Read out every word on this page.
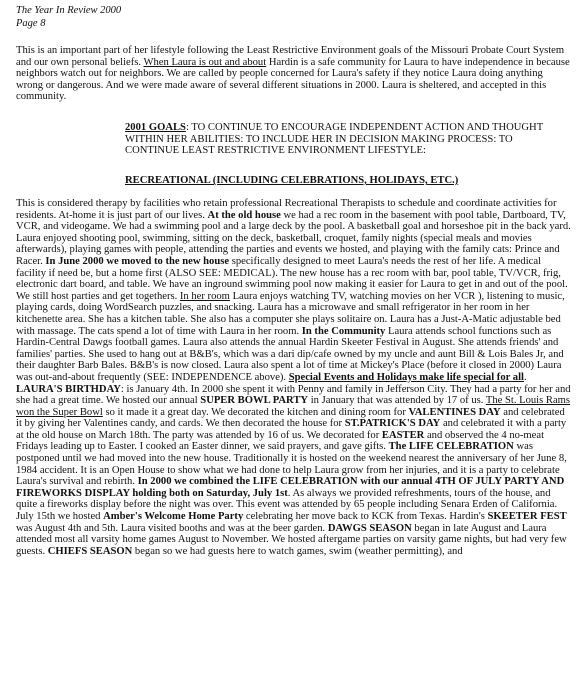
The Year In Review 2000
Page 8
This is an important part of her lifestyle following the Least Restrictive Environment goals of the Missouri Probate Court System and our own personal beliefs. When Laura is out and about Hardin is a safe community for Laura to have independence in because neighbors watch out for neighbors. We are called by people concerned for Laura's safety if they notice Laura doing anything wrong or dangerous. And we were made aware of several different situations in 2000. Laura is sheltered, and accepted in this community.
2001 GOALS: TO CONTINUE TO ENCOURAGE INDEPENDENT ACTION AND THOUGHT WITHIN HER ABILITIES: TO INCLUDE HER IN DECISION MAKING PROCESS: TO CONTINUE LEAST RESTRICTIVE ENVIRONMENT LIFESTYLE:
RECREATIONAL (INCLUDING CELEBRATIONS, HOLIDAYS, ETC.)
This is considered therapy by facilities who retain professional Recreational Therapists to schedule and coordinate activities for residents. At-home it is just part of our lives. At the old house we had a rec room in the basement with pool table, Dartboard, TV, VCR, and videogame. We had a swimming pool and a large deck by the pool. A basketball goal and horseshoe pit in the back yard. Laura enjoyed shooting pool, swimming, sitting on the deck, basketball, croquet, family nights (special meals and movies afterwards), playing games with people, attending the parties and events we hosted, and playing with the family cats: Prince and Racer. In June 2000 we moved to the new house specifically designed to meet Laura's needs the rest of her life. A medical facility if need be, but a home first (ALSO SEE: MEDICAL). The new house has a rec room with bar, pool table, TV/VCR, frig, electronic dart board, and table. We have an inground swimming pool now making it easier for Laura to get in and out of the pool. We still host parties and get togethers. In her room Laura enjoys watching TV, watching movies on her VCR ), listening to music, playing cards, doing WordSearch puzzles, and snacking. Laura has a microwave and small refrigerator in her room in her kitchenette area. She has a kitchen table. She also has a computer she plays solitaire on. Laura has a Just-A-Matic adjustable bed with massage. The cats spend a lot of time with Laura in her room. In the Community Laura attends school functions such as Hardin-Central Dawgs football games. Laura also attends the annual Hardin Skeeter Festival in August. She attends friends' and families' parties. She used to hang out at B&B's, which was a dari dip/cafe owned by my uncle and aunt Bill & Lois Bales Jr, and their daughter Barb Bales. B&B's is now closed. Laura also spent a lot of time at Mickey's Place (before it closed in 2000) Laura was out-and-about frequently (SEE: INDEPENDENCE above). Special Events and Holidays make life special for all. LAURA'S BIRTHDAY: is January 4th. In 2000 she spent it with Penny and family in Jefferson City. They had a party for her and she had a great time. We hosted our annual SUPER BOWL PARTY in January that was attended by 17 of us. The St. Louis Rams won the Super Bowl so it made it a great day. We decorated the kitchen and dining room for VALENTINES DAY and celebrated it by giving her Valentines candy, and cards. We then decorated the house for ST.PATRICK'S DAY and celebrated it with a party at the old house on March 18th. The party was attended by 16 of us. We decorated for EASTER and observed the 4 no-meat Fridays leading up to Easter. I cooked an Easter dinner, we said prayers, and gave gifts. The LIFE CELEBRATION was postponed until we had moved into the new house. Traditionally it is hosted on the weekend nearest the anniversary of her June 8, 1984 accident. It is an Open House to show what we had done to help Laura grow from her injuries, and it is a party to celebrate Laura's survival and rebirth. In 2000 we combined the LIFE CELEBRATION with our annual 4TH OF JULY PARTY AND FIREWORKS DISPLAY holding both on Saturday, July 1st. As always we provided refreshments, tours of the house, and quite a fireworks display before the night was over. This event was attended by 65 people including Senara Erden of California. July 15th we hosted Amber's Welcome Home Party celebrating her move back to KCK from Texas. Hardin's SKEETER FEST was August 4th and 5th. Laura visited booths and was at the beer garden. DAWGS SEASON began in late August and Laura attended most all varsity home games August to November. We hosted aftergame parties on varsity game nights, but had very few guests. CHIEFS SEASON began so we had guests here to watch games, swim (weather permitting), and
